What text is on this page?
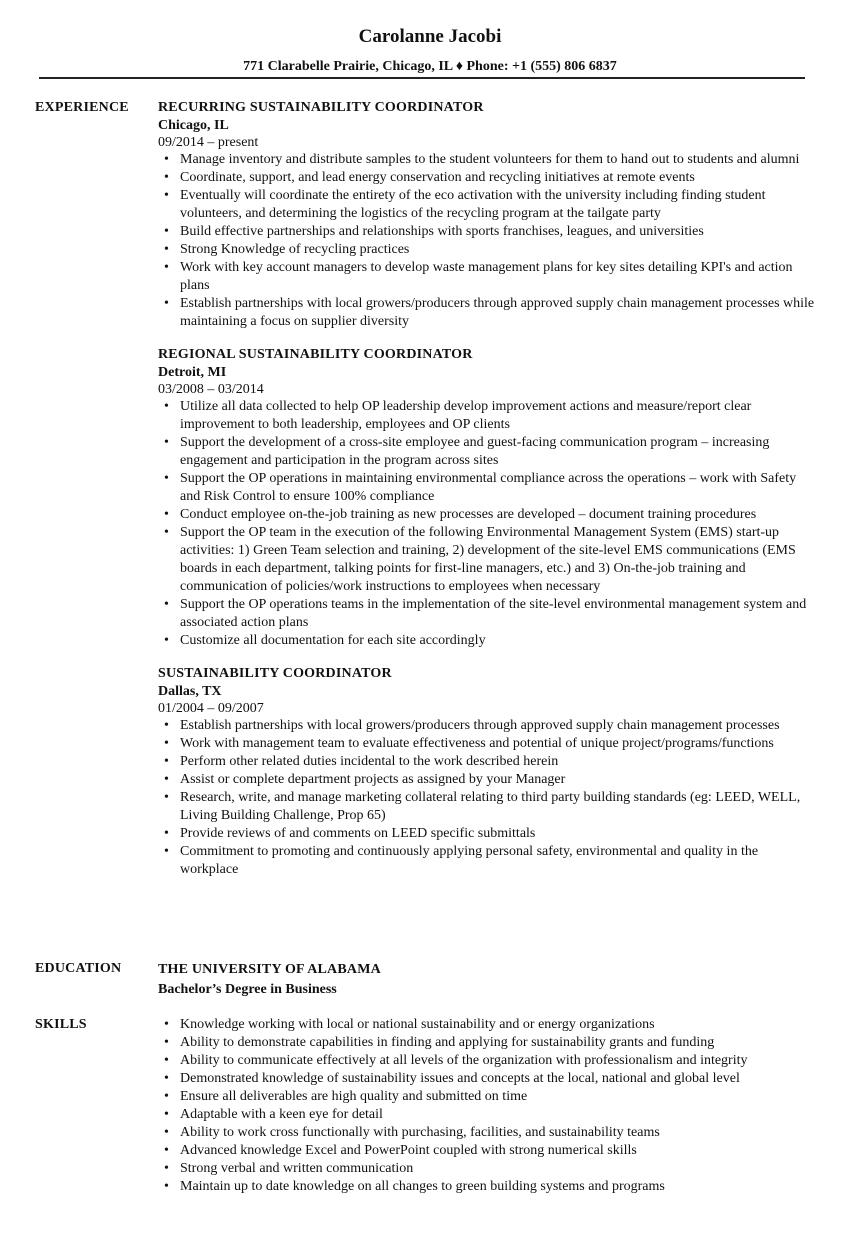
Carolanne Jacobi
771 Clarabelle Prairie, Chicago, IL ♦ Phone: +1 (555) 806 6837
EXPERIENCE RECURRING SUSTAINABILITY COORDINATOR
Chicago, IL
09/2014 – present
• Manage inventory and distribute samples to the student volunteers for them to hand out to students and alumni
• Coordinate, support, and lead energy conservation and recycling initiatives at remote events
• Eventually will coordinate the entirety of the eco activation with the university including finding student volunteers, and determining the logistics of the recycling program at the tailgate party
• Build effective partnerships and relationships with sports franchises, leagues, and universities
• Strong Knowledge of recycling practices
• Work with key account managers to develop waste management plans for key sites detailing KPI's and action plans
• Establish partnerships with local growers/producers through approved supply chain management processes while maintaining a focus on supplier diversity
REGIONAL SUSTAINABILITY COORDINATOR
Detroit, MI
03/2008 – 03/2014
• Utilize all data collected to help OP leadership develop improvement actions and measure/report clear improvement to both leadership, employees and OP clients
• Support the development of a cross-site employee and guest-facing communication program – increasing engagement and participation in the program across sites
• Support the OP operations in maintaining environmental compliance across the operations – work with Safety and Risk Control to ensure 100% compliance
• Conduct employee on-the-job training as new processes are developed – document training procedures
• Support the OP team in the execution of the following Environmental Management System (EMS) start-up activities: 1) Green Team selection and training, 2) development of the site-level EMS communications (EMS boards in each department, talking points for first-line managers, etc.) and 3) On-the-job training and communication of policies/work instructions to employees when necessary
• Support the OP operations teams in the implementation of the site-level environmental management system and associated action plans
• Customize all documentation for each site accordingly
SUSTAINABILITY COORDINATOR
Dallas, TX
01/2004 – 09/2007
• Establish partnerships with local growers/producers through approved supply chain management processes
• Work with management team to evaluate effectiveness and potential of unique project/programs/functions
• Perform other related duties incidental to the work described herein
• Assist or complete department projects as assigned by your Manager
• Research, write, and manage marketing collateral relating to third party building standards (eg: LEED, WELL, Living Building Challenge, Prop 65)
• Provide reviews of and comments on LEED specific submittals
• Commitment to promoting and continuously applying personal safety, environmental and quality in the workplace
EDUCATION	THE UNIVERSITY OF ALABAMA
Bachelor’s Degree in Business
SKILLS	• Knowledge working with local or national sustainability and or energy organizations
• Ability to demonstrate capabilities in finding and applying for sustainability grants and funding
• Ability to communicate effectively at all levels of the organization with professionalism and integrity
• Demonstrated knowledge of sustainability issues and concepts at the local, national and global level
• Ensure all deliverables are high quality and submitted on time
• Adaptable with a keen eye for detail
• Ability to work cross functionally with purchasing, facilities, and sustainability teams
• Advanced knowledge Excel and PowerPoint coupled with strong numerical skills
• Strong verbal and written communication
• Maintain up to date knowledge on all changes to green building systems and programs
